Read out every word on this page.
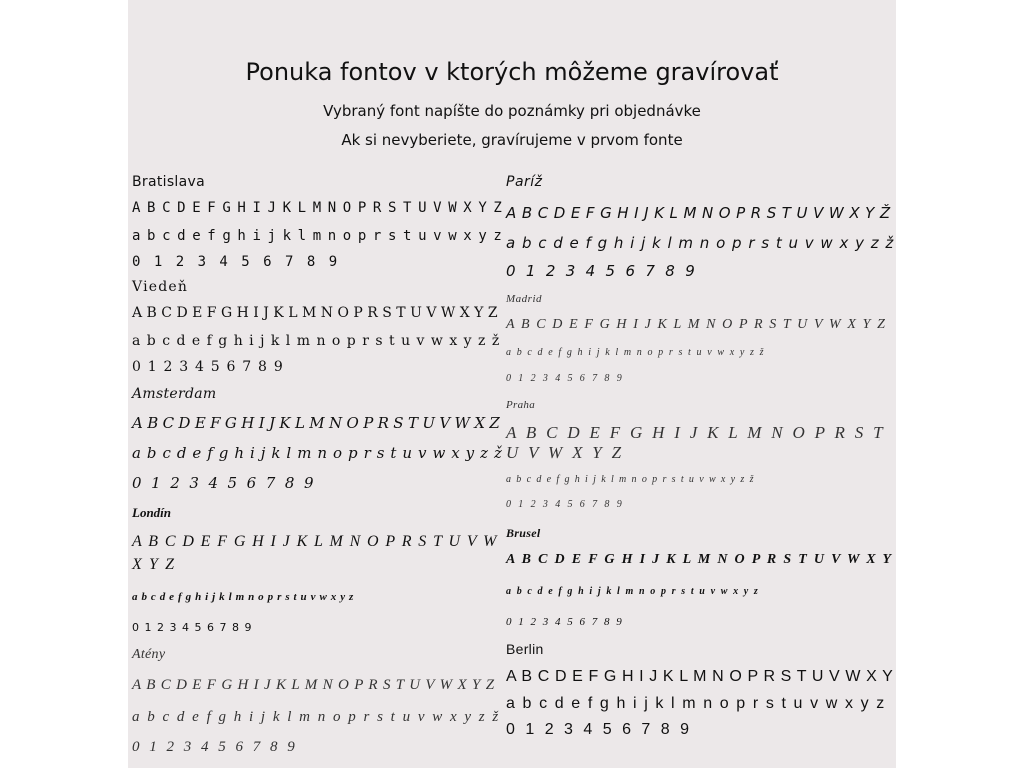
Ponuka fontov v ktorých môžeme gravírovať
Vybraný font napíšte do poznámky pri objednávke
Ak si nevyberiete, gravírujeme v prvom fonte
Bratislava
A B C D E F G H I J K L M N O P R S T U V W X Y Z
a b c d e f g h i j k l m n o p r s t u v w x y z
0 1 2 3 4 5 6 7 8 9
Viedeň
A B C D E F G H I J K L M N O P R S T U V W X Y Z
a b c d e f g h i j k l m n o p r s t u v w x y z ž
0 1 2 3 4 5 6 7 8 9
Amsterdam
A B C D E F G H I J K L M N O P R S T U V W X Z
a b c d e f g h i j k l m n o p r s t u v w x y z ž
0 1 2 3 4 5 6 7 8 9
Londín
A B C D E F G H I J K L M N O P R S T U V W
X Y Z
a b c d e f g h i j k l m n o p r s t u v w x y z
0 1 2 3 4 5 6 7 8 9
Atény
A B C D E F G H I J K L M N O P R S T U V W X Y Z
a b c d e f g h i j k l m n o p r s t u v w x y z ž
0 1 2 3 4 5 6 7 8 9
Paríž
A B C D E F G H I J K L M N O P R S T U V W X Y Ž
a b c d e f g h i j k l m n o p r s t u v w x y z ž
0 1 2 3 4 5 6 7 8 9
Madrid
A B C D E F G H I J K L M N O P R S T U V W X Y Z
a b c d e f g h i j k l m n o p r s t u v w x y z ž
0 1 2 3 4 5 6 7 8 9
Praha
A B C D E F G H I J K L M N O P R S T
U V W X Y Z
a b c d e f g h i j k l m n o p r s t u v w x y z ž
0 1 2 3 4 5 6 7 8 9
Brusel
A B C D E F G H I J K L M N O P R S T U V W X Y
a b c d e f g h i j k l m n o p r s t u v w x y z
0 1 2 3 4 5 6 7 8 9
Berlin
A B C D E F G H I J K L M N O P R S T U V W X Y
a b c d e f g h i j k l m n o p r s t u v w x y z
0 1 2 3 4 5 6 7 8 9
